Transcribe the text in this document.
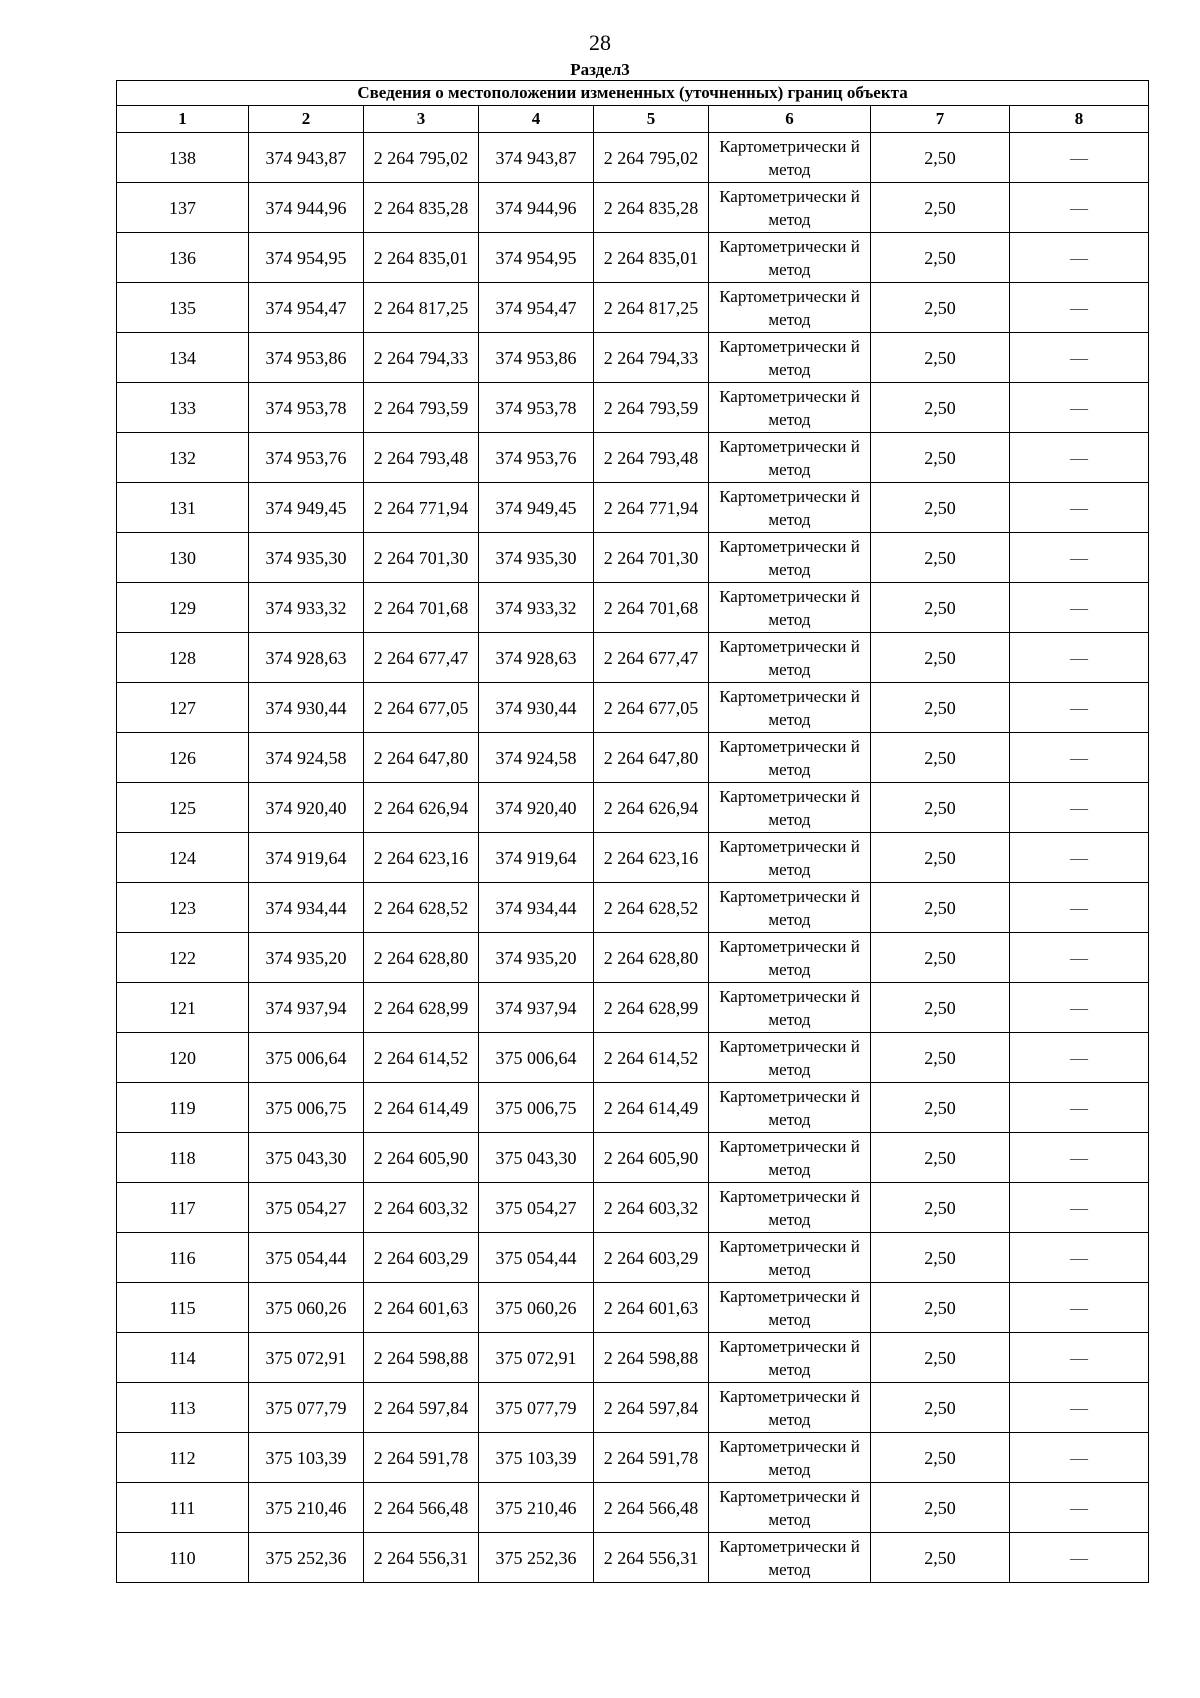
28
Раздел3
Сведения о местоположении измененных (уточненных) границ объекта							
1	2	3	4	5	6	7	8
138	374 943,87	2 264 795,02	374 943,87	2 264 795,02	Картометрически й метод	2,50	—
137	374 944,96	2 264 835,28	374 944,96	2 264 835,28	Картометрически й метод	2,50	—
136	374 954,95	2 264 835,01	374 954,95	2 264 835,01	Картометрически й метод	2,50	—
135	374 954,47	2 264 817,25	374 954,47	2 264 817,25	Картометрически й метод	2,50	—
134	374 953,86	2 264 794,33	374 953,86	2 264 794,33	Картометрически й метод	2,50	—
133	374 953,78	2 264 793,59	374 953,78	2 264 793,59	Картометрически й метод	2,50	—
132	374 953,76	2 264 793,48	374 953,76	2 264 793,48	Картометрически й метод	2,50	—
131	374 949,45	2 264 771,94	374 949,45	2 264 771,94	Картометрически й метод	2,50	—
130	374 935,30	2 264 701,30	374 935,30	2 264 701,30	Картометрически й метод	2,50	—
129	374 933,32	2 264 701,68	374 933,32	2 264 701,68	Картометрически й метод	2,50	—
128	374 928,63	2 264 677,47	374 928,63	2 264 677,47	Картометрически й метод	2,50	—
127	374 930,44	2 264 677,05	374 930,44	2 264 677,05	Картометрически й метод	2,50	—
126	374 924,58	2 264 647,80	374 924,58	2 264 647,80	Картометрически й метод	2,50	—
125	374 920,40	2 264 626,94	374 920,40	2 264 626,94	Картометрически й метод	2,50	—
124	374 919,64	2 264 623,16	374 919,64	2 264 623,16	Картометрически й метод	2,50	—
123	374 934,44	2 264 628,52	374 934,44	2 264 628,52	Картометрически й метод	2,50	—
122	374 935,20	2 264 628,80	374 935,20	2 264 628,80	Картометрически й метод	2,50	—
121	374 937,94	2 264 628,99	374 937,94	2 264 628,99	Картометрически й метод	2,50	—
120	375 006,64	2 264 614,52	375 006,64	2 264 614,52	Картометрически й метод	2,50	—
119	375 006,75	2 264 614,49	375 006,75	2 264 614,49	Картометрически й метод	2,50	—
118	375 043,30	2 264 605,90	375 043,30	2 264 605,90	Картометрически й метод	2,50	—
117	375 054,27	2 264 603,32	375 054,27	2 264 603,32	Картометрически й метод	2,50	—
116	375 054,44	2 264 603,29	375 054,44	2 264 603,29	Картометрически й метод	2,50	—
115	375 060,26	2 264 601,63	375 060,26	2 264 601,63	Картометрически й метод	2,50	—
114	375 072,91	2 264 598,88	375 072,91	2 264 598,88	Картометрически й метод	2,50	—
113	375 077,79	2 264 597,84	375 077,79	2 264 597,84	Картометрически й метод	2,50	—
112	375 103,39	2 264 591,78	375 103,39	2 264 591,78	Картометрически й метод	2,50	—
111	375 210,46	2 264 566,48	375 210,46	2 264 566,48	Картометрически й метод	2,50	—
110	375 252,36	2 264 556,31	375 252,36	2 264 556,31	Картометрически й метод	2,50	—
